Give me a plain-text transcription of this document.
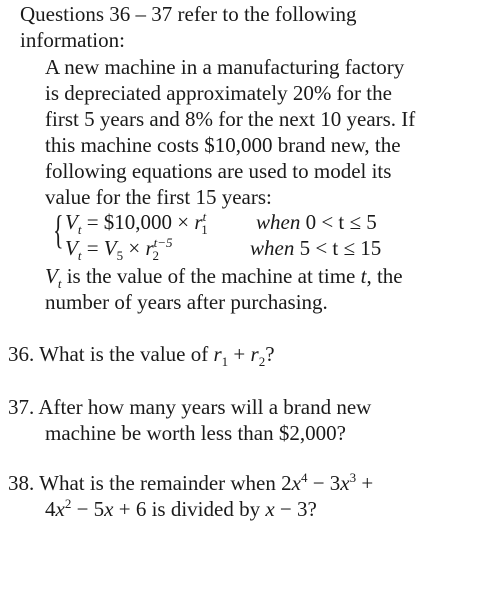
Questions 36 – 37 refer to the following
information:
A new machine in a manufacturing factory
is depreciated approximately 20% for the
first 5 years and 8% for the next 10 years. If
this machine costs $10,000 brand new, the
following equations are used to model its
value for the first 15 years:
{ $V_t$ = $10,000 × $r^t_1$ when 0 < t ≤ 5
$V_t = V_5 \times r^{t-5}_2$	when 5 < t ≤ 15
$V_t$ is the value of the machine at time t, the
number of years after purchasing.
36. What is the value of $r_1 + r_2$?
37. After how many years will a brand new
machine be worth less than $2,000?
38. What is the remainder when $2x^4 - 3x^3$ +
$4x^2 - 5x + 6$ is divided by x − 3?
